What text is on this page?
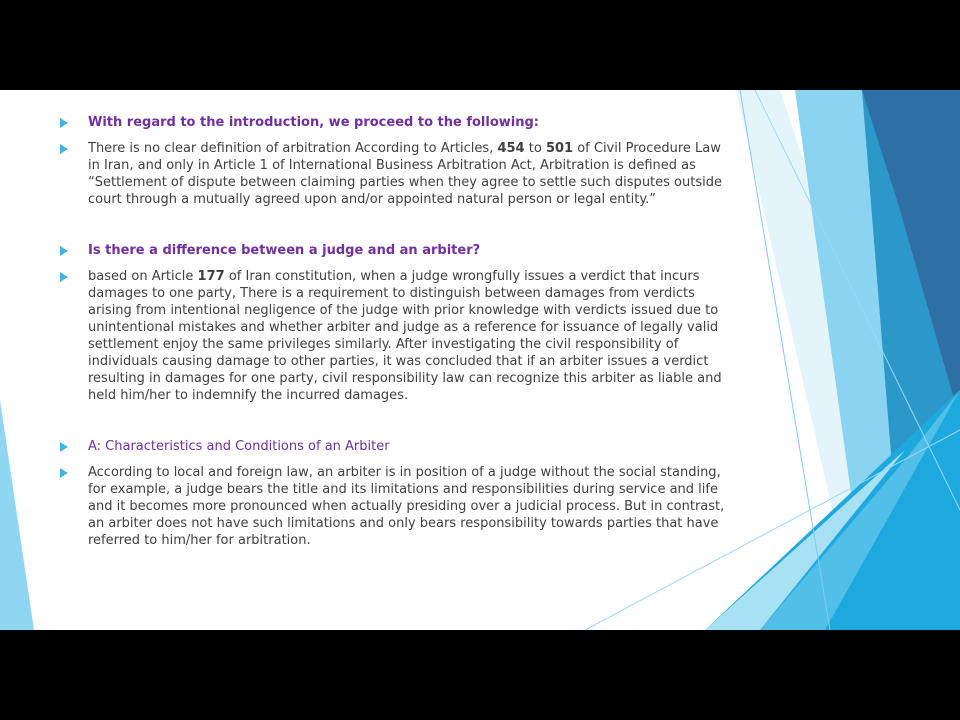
With regard to the introduction, we proceed to the following:
There is no clear definition of arbitration According to Articles, 454 to 501 of Civil Procedure Law in Iran, and only in Article 1 of International Business Arbitration Act, Arbitration is defined as “Settlement of dispute between claiming parties when they agree to settle such disputes outside court through a mutually agreed upon and/or appointed natural person or legal entity.”
Is there a difference between a judge and an arbiter?
based on Article 177 of Iran constitution, when a judge wrongfully issues a verdict that incurs damages to one party, There is a requirement to distinguish between damages from verdicts arising from intentional negligence of the judge with prior knowledge with verdicts issued due to unintentional mistakes and whether arbiter and judge as a reference for issuance of legally valid settlement enjoy the same privileges similarly. After investigating the civil responsibility of individuals causing damage to other parties, it was concluded that if an arbiter issues a verdict resulting in damages for one party, civil responsibility law can recognize this arbiter as liable and held him/her to indemnify the incurred damages.
A: Characteristics and Conditions of an Arbiter
According to local and foreign law, an arbiter is in position of a judge without the social standing, for example, a judge bears the title and its limitations and responsibilities during service and life and it becomes more pronounced when actually presiding over a judicial process. But in contrast, an arbiter does not have such limitations and only bears responsibility towards parties that have referred to him/her for arbitration.
